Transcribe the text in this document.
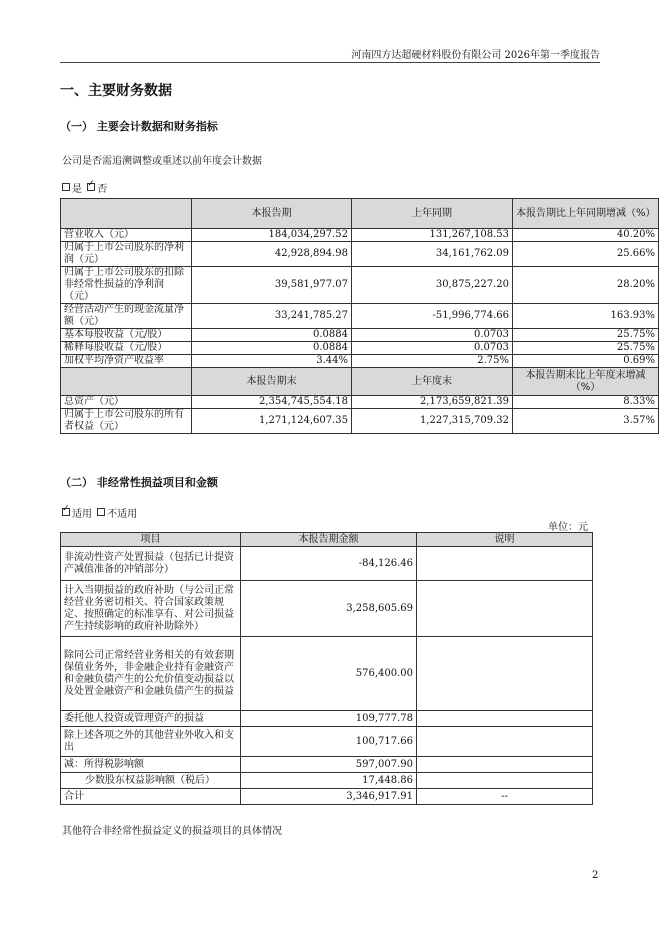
河南四方达超硬材料股份有限公司 2026年第一季度报告
一、主要财务数据
（一） 主要会计数据和财务指标
公司是否需追溯调整或重述以前年度会计数据
是 ✓ 否
	本报告期	上年同期	本报告期比上年同期增减（%）
营业收入（元）	184,034,297.52	131,267,108.53	40.20%
归属于上市公司股东的净利润（元）	42,928,894.98	34,161,762.09	25.66%
归属于上市公司股东的扣除非经常性损益的净利润（元）	39,581,977.07	30,875,227.20	28.20%
经营活动产生的现金流量净额（元）	33,241,785.27	-51,996,774.66	163.93%
基本每股收益（元/股）	0.0884	0.0703	25.75%
稀释每股收益（元/股）	0.0884	0.0703	25.75%
加权平均净资产收益率	3.44%	2.75%	0.69%
	本报告期末	上年度末	本报告期末比上年度末增减（%）
总资产（元）	2,354,745,554.18	2,173,659,821.39	8.33%
归属于上市公司股东的所有者权益（元）	1,271,124,607.35	1,227,315,709.32	3.57%
（二） 非经常性损益项目和金额
✓适用 不适用
单位：元
项目	本报告期金额	说明
非流动性资产处置损益（包括已计提资产减值准备的冲销部分）	-84,126.46	
计入当期损益的政府补助（与公司正常经营业务密切相关、符合国家政策规定、按照确定的标准享有、对公司损益产生持续影响的政府补助除外）	3,258,605.69	
除同公司正常经营业务相关的有效套期保值业务外，非金融企业持有金融资产和金融负债产生的公允价值变动损益以及处置金融资产和金融负债产生的损益	576,400.00	
委托他人投资或管理资产的损益	109,777.78	
除上述各项之外的其他营业外收入和支出	100,717.66	
减：所得税影响额	597,007.90	
少数股东权益影响额（税后）	17,448.86	
合计	3,346,917.91	--
其他符合非经常性损益定义的损益项目的具体情况
2
